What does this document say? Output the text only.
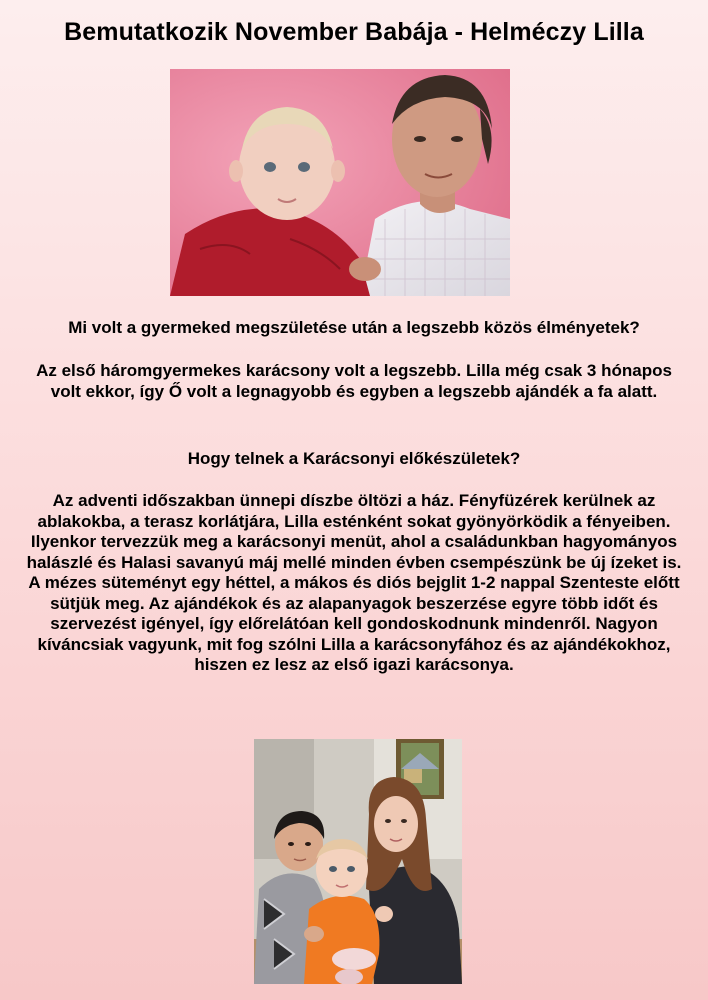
Bemutatkozik November Babája - Helméczy Lilla
Mi volt a gyermeked megszületése után a legszebb közös élményetek?
Az első háromgyermekes karácsony volt a legszebb. Lilla még csak 3 hónapos volt ekkor, így Ő volt a legnagyobb és egyben a legszebb ajándék a fa alatt.
Hogy telnek a Karácsonyi előkészületek?
Az adventi időszakban ünnepi díszbe öltözi a ház. Fényfüzérek kerülnek az ablakokba, a terasz korlátjára, Lilla esténként sokat gyönyörködik a fényeiben. Ilyenkor tervezzük meg a karácsonyi menüt, ahol a családunkban hagyományos halászlé és Halasi savanyú máj mellé minden évben csempészünk be új ízeket is. A mézes süteményt egy héttel, a mákos és diós bejglit 1-2 nappal Szenteste előtt sütjük meg. Az ajándékok és az alapanyagok beszerzése egyre több időt és szervezést igényel, így előrelátóan kell gondoskodnunk mindenről. Nagyon kíváncsiak vagyunk, mit fog szólni Lilla a karácsonyfához és az ajándékokhoz, hiszen ez lesz az első igazi karácsonya.
